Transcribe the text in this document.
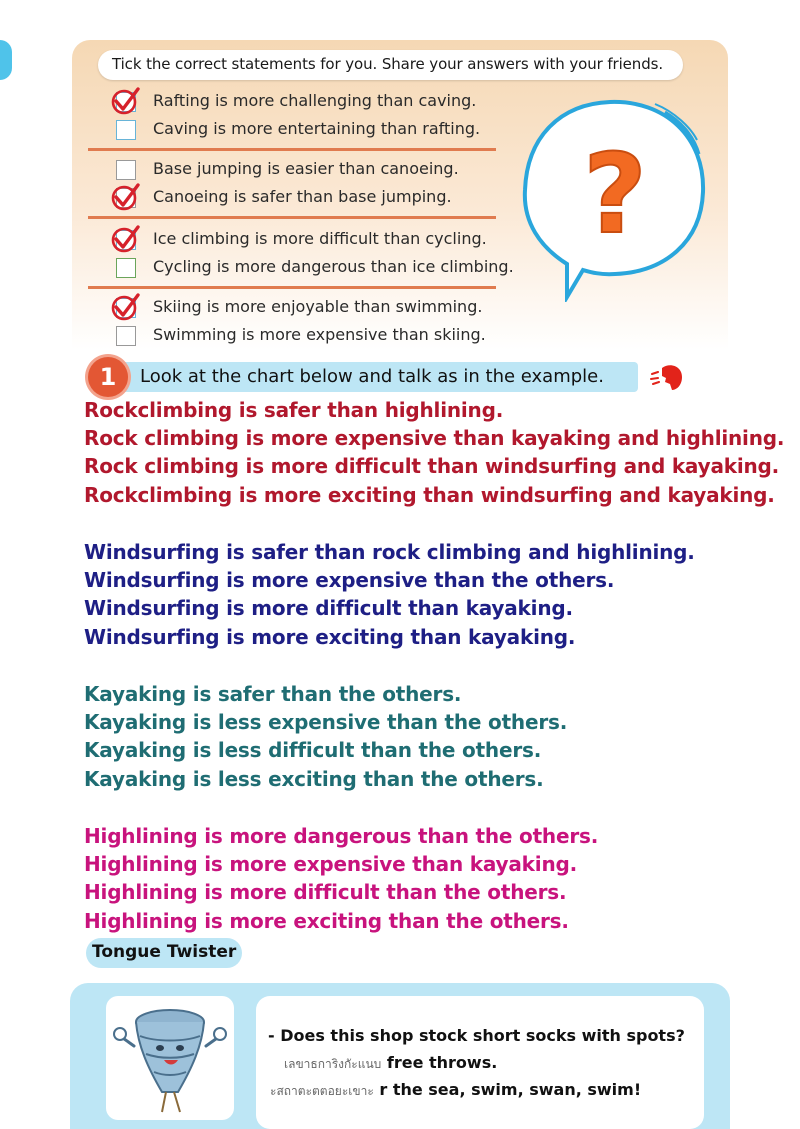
Tick the correct statements for you. Share your answers with your friends.
Rafting is more challenging than caving.
Caving is more entertaining than rafting.
Base jumping is easier than canoeing.
Canoeing is safer than base jumping.
Ice climbing is more difficult than cycling.
Cycling is more dangerous than ice climbing.
Skiing is more enjoyable than swimming.
Swimming is more expensive than skiing.
?
1	Look at the chart below and talk as in the example.
Rockclimbing is safer than highlining.
Rock climbing is more expensive than kayaking and highlining.
Rock climbing is more difficult than windsurfing and kayaking.
Rockclimbing is more exciting than windsurfing and kayaking.
Windsurfing is safer than rock climbing and highlining.
Windsurfing is more expensive than the others.
Windsurfing is more difficult than kayaking.
Windsurfing is more exciting than kayaking.
Kayaking is safer than the others.
Kayaking is less expensive than the others.
Kayaking is less difficult than the others.
Kayaking is less exciting than the others.
Highlining is more dangerous than the others.
Highlining is more expensive than kayaking.
Highlining is more difficult than the others.
Highlining is more exciting than the others.
Tongue Twister
- Does this shop stock short socks with spots?
เลขาธการิงกัะแนบ free throws.
ะสถาตะตตอยะเขาะ r the sea, swim, swan, swim!
